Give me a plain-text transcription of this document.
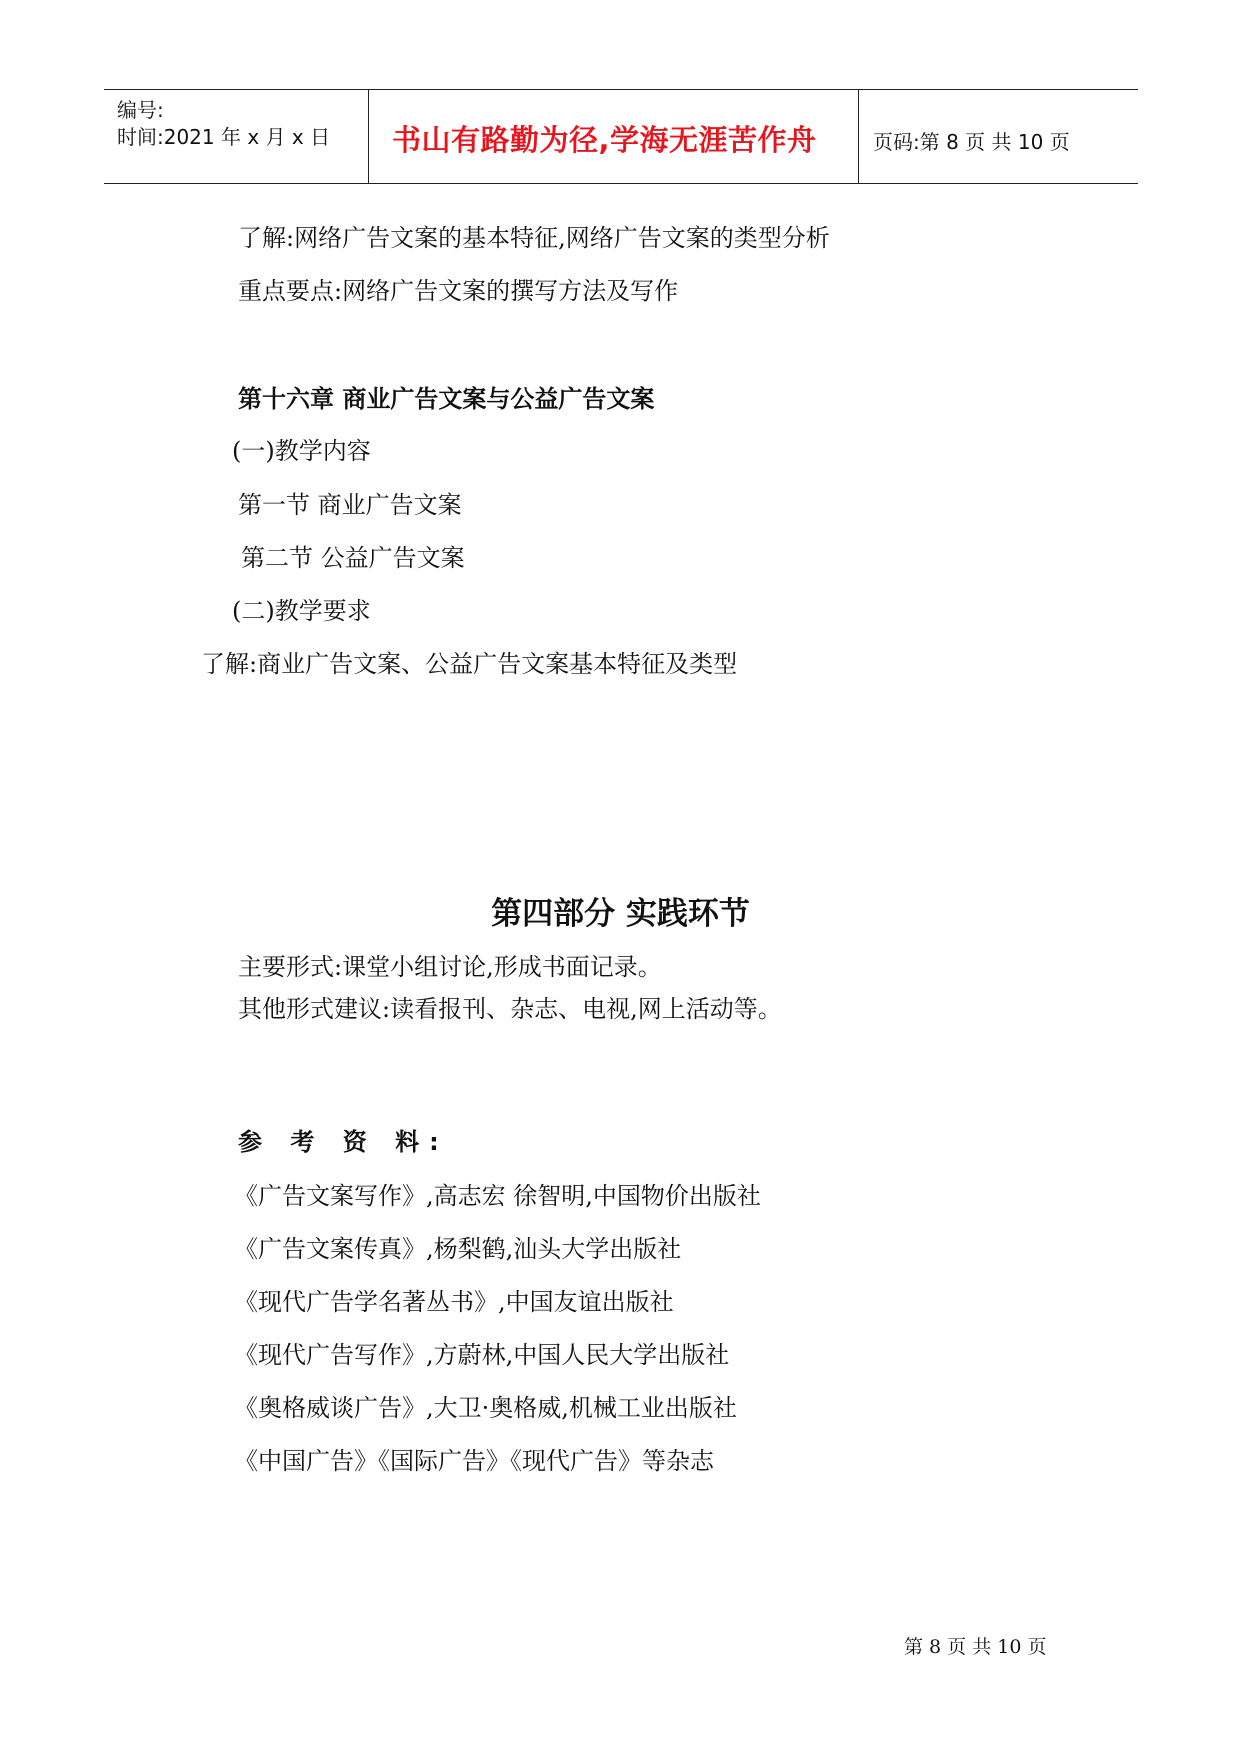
编号:
时间:2021 年 x 月 x 日 书山有路勤为径,学海无涯苦作舟	页码:第 8 页 共 10 页
了解:网络广告文案的基本特征,网络广告文案的类型分析
重点要点:网络广告文案的撰写方法及写作
第十六章 商业广告文案与公益广告文案
(一)教学内容
第一节 商业广告文案
第二节 公益广告文案
(二)教学要求
了解:商业广告文案、公益广告文案基本特征及类型
第四部分 实践环节
主要形式:课堂小组讨论,形成书面记录。
其他形式建议:读看报刊、杂志、电视,网上活动等。
参 考 资 料:
《广告文案写作》,高志宏 徐智明,中国物价出版社
《广告文案传真》,杨梨鹤,汕头大学出版社
《现代广告学名著丛书》,中国友谊出版社
《现代广告写作》,方蔚林,中国人民大学出版社
《奥格威谈广告》,大卫·奥格威,机械工业出版社
《中国广告》《国际广告》《现代广告》等杂志
第 8 页 共 10 页
